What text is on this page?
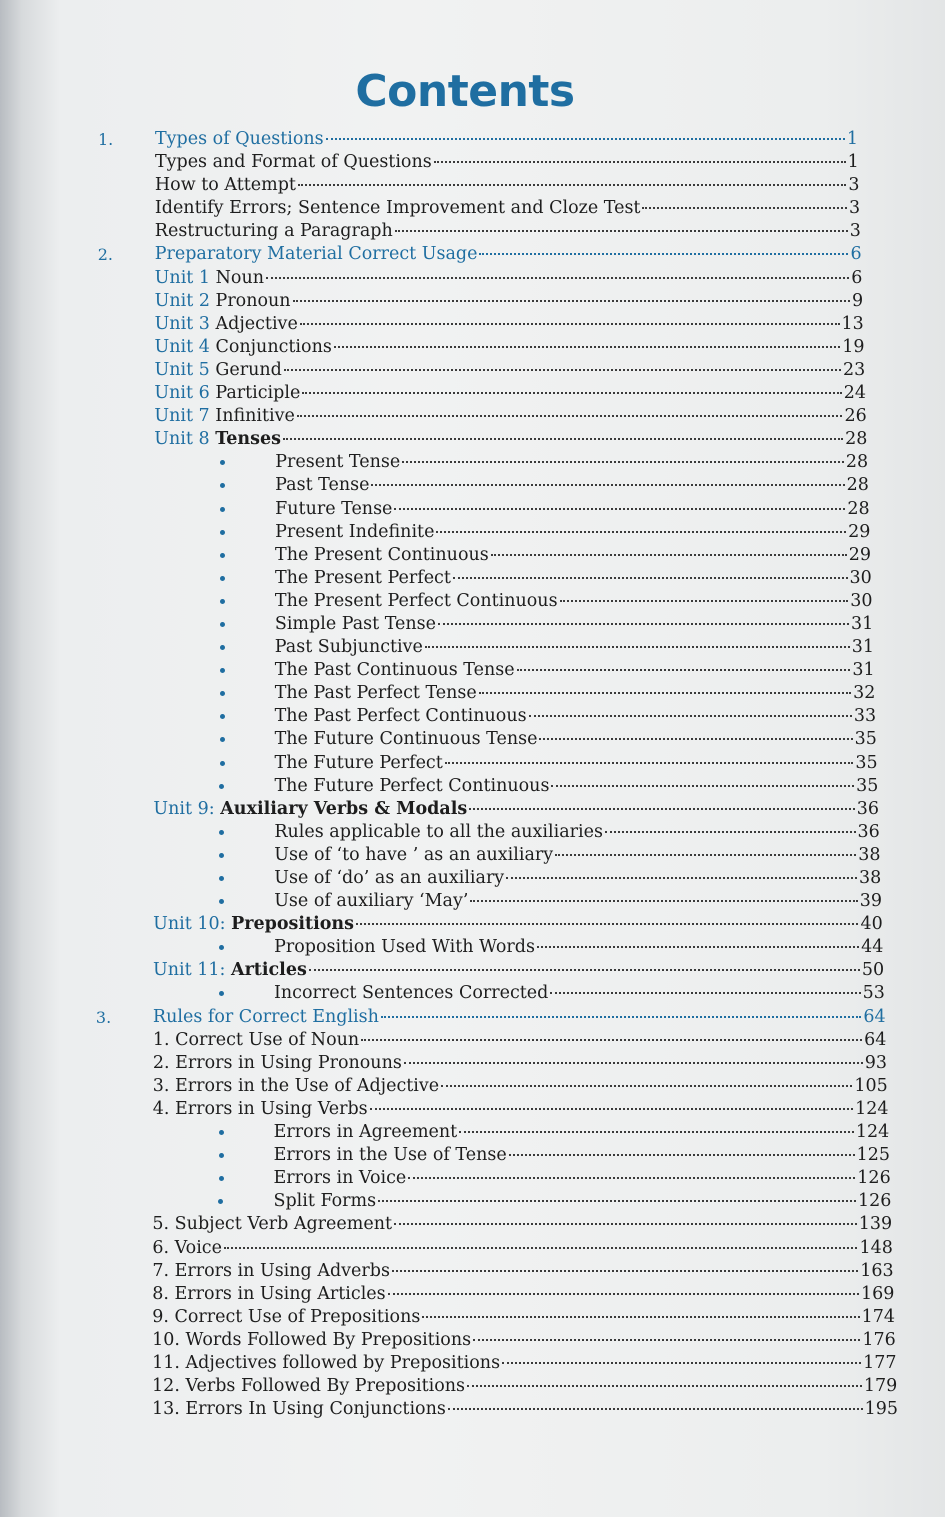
Contents
1. Types of Questions	1
Types and Format of Questions	1
How to Attempt	3
Identify Errors; Sentence Improvement and Cloze Test	3
Restructuring a Paragraph	3
2. Preparatory Material Correct Usage	6
Unit 1 Noun	6
Unit 2 Pronoun	9
Unit 3 Adjective	13
Unit 4 Conjunctions	19
Unit 5 Gerund	23
Unit 6 Participle	24
Unit 7 Infinitive	26
Unit 8 Tenses	28
Present Tense	28
Past Tense	28
Future Tense	28
Present Indefinite	29
The Present Continuous	29
The Present Perfect	30
The Present Perfect Continuous	30
Simple Past Tense	31
Past Subjunctive	31
The Past Continuous Tense	31
The Past Perfect Tense	32
The Past Perfect Continuous	33
The Future Continuous Tense	35
The Future Perfect	35
The Future Perfect Continuous	35
Unit 9: Auxiliary Verbs & Modals	36
Rules applicable to all the auxiliaries	36
Use of ‘to have ’ as an auxiliary	38
Use of ‘do’ as an auxiliary	38
Use of auxiliary ‘May’	39
Unit 10: Prepositions	40
Proposition Used With Words	44
Unit 11: Articles	50
Incorrect Sentences Corrected	53
3. Rules for Correct English	64
1. Correct Use of Noun	64
2. Errors in Using Pronouns	93
3. Errors in the Use of Adjective	105
4. Errors in Using Verbs	124
Errors in Agreement	124
Errors in the Use of Tense	125
Errors in Voice	126
Split Forms	126
5. Subject Verb Agreement	139
6. Voice	148
7. Errors in Using Adverbs	163
8. Errors in Using Articles	169
9. Correct Use of Prepositions	174
10. Words Followed By Prepositions	176
11. Adjectives followed by Prepositions	177
12. Verbs Followed By Prepositions	179
13. Errors In Using Conjunctions	195
